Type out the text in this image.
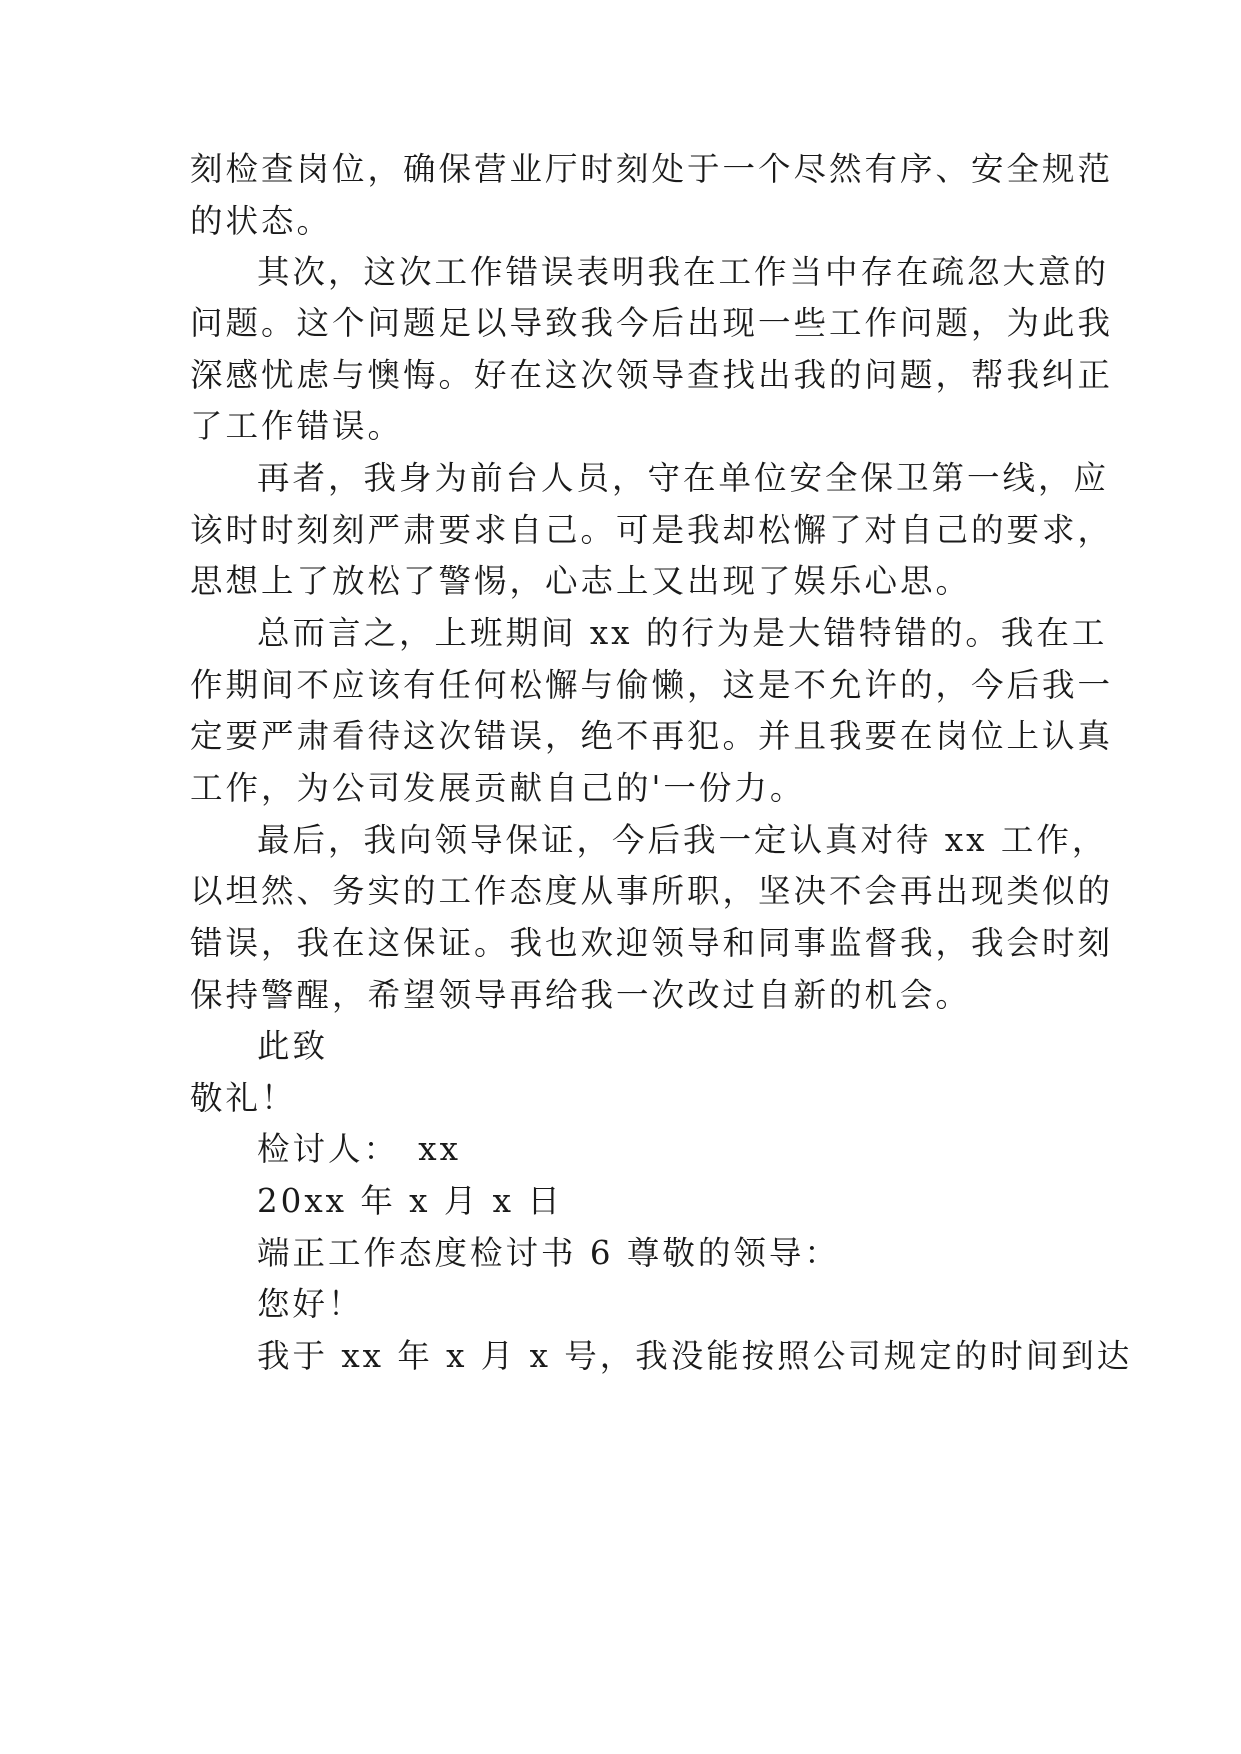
刻检查岗位，确保营业厅时刻处于一个尽然有序、安全规范
的状态。
其次，这次工作错误表明我在工作当中存在疏忽大意的
问题。这个问题足以导致我今后出现一些工作问题，为此我
深感忧虑与懊悔。好在这次领导查找出我的问题，帮我纠正
了工作错误。
再者，我身为前台人员，守在单位安全保卫第一线，应
该时时刻刻严肃要求自己。可是我却松懈了对自己的要求，
思想上了放松了警惕，心志上又出现了娱乐心思。
总而言之，上班期间 xx 的行为是大错特错的。我在工
作期间不应该有任何松懈与偷懒，这是不允许的，今后我一
定要严肃看待这次错误，绝不再犯。并且我要在岗位上认真
工作，为公司发展贡献自己的'一份力。
最后，我向领导保证，今后我一定认真对待 xx 工作，
以坦然、务实的工作态度从事所职，坚决不会再出现类似的
错误，我在这保证。我也欢迎领导和同事监督我，我会时刻
保持警醒，希望领导再给我一次改过自新的机会。
此致
敬礼！
检讨人：　xx
20xx 年 x 月 x 日
端正工作态度检讨书 6 尊敬的领导：
您好！
我于 xx 年 x 月 x 号，我没能按照公司规定的时间到达
